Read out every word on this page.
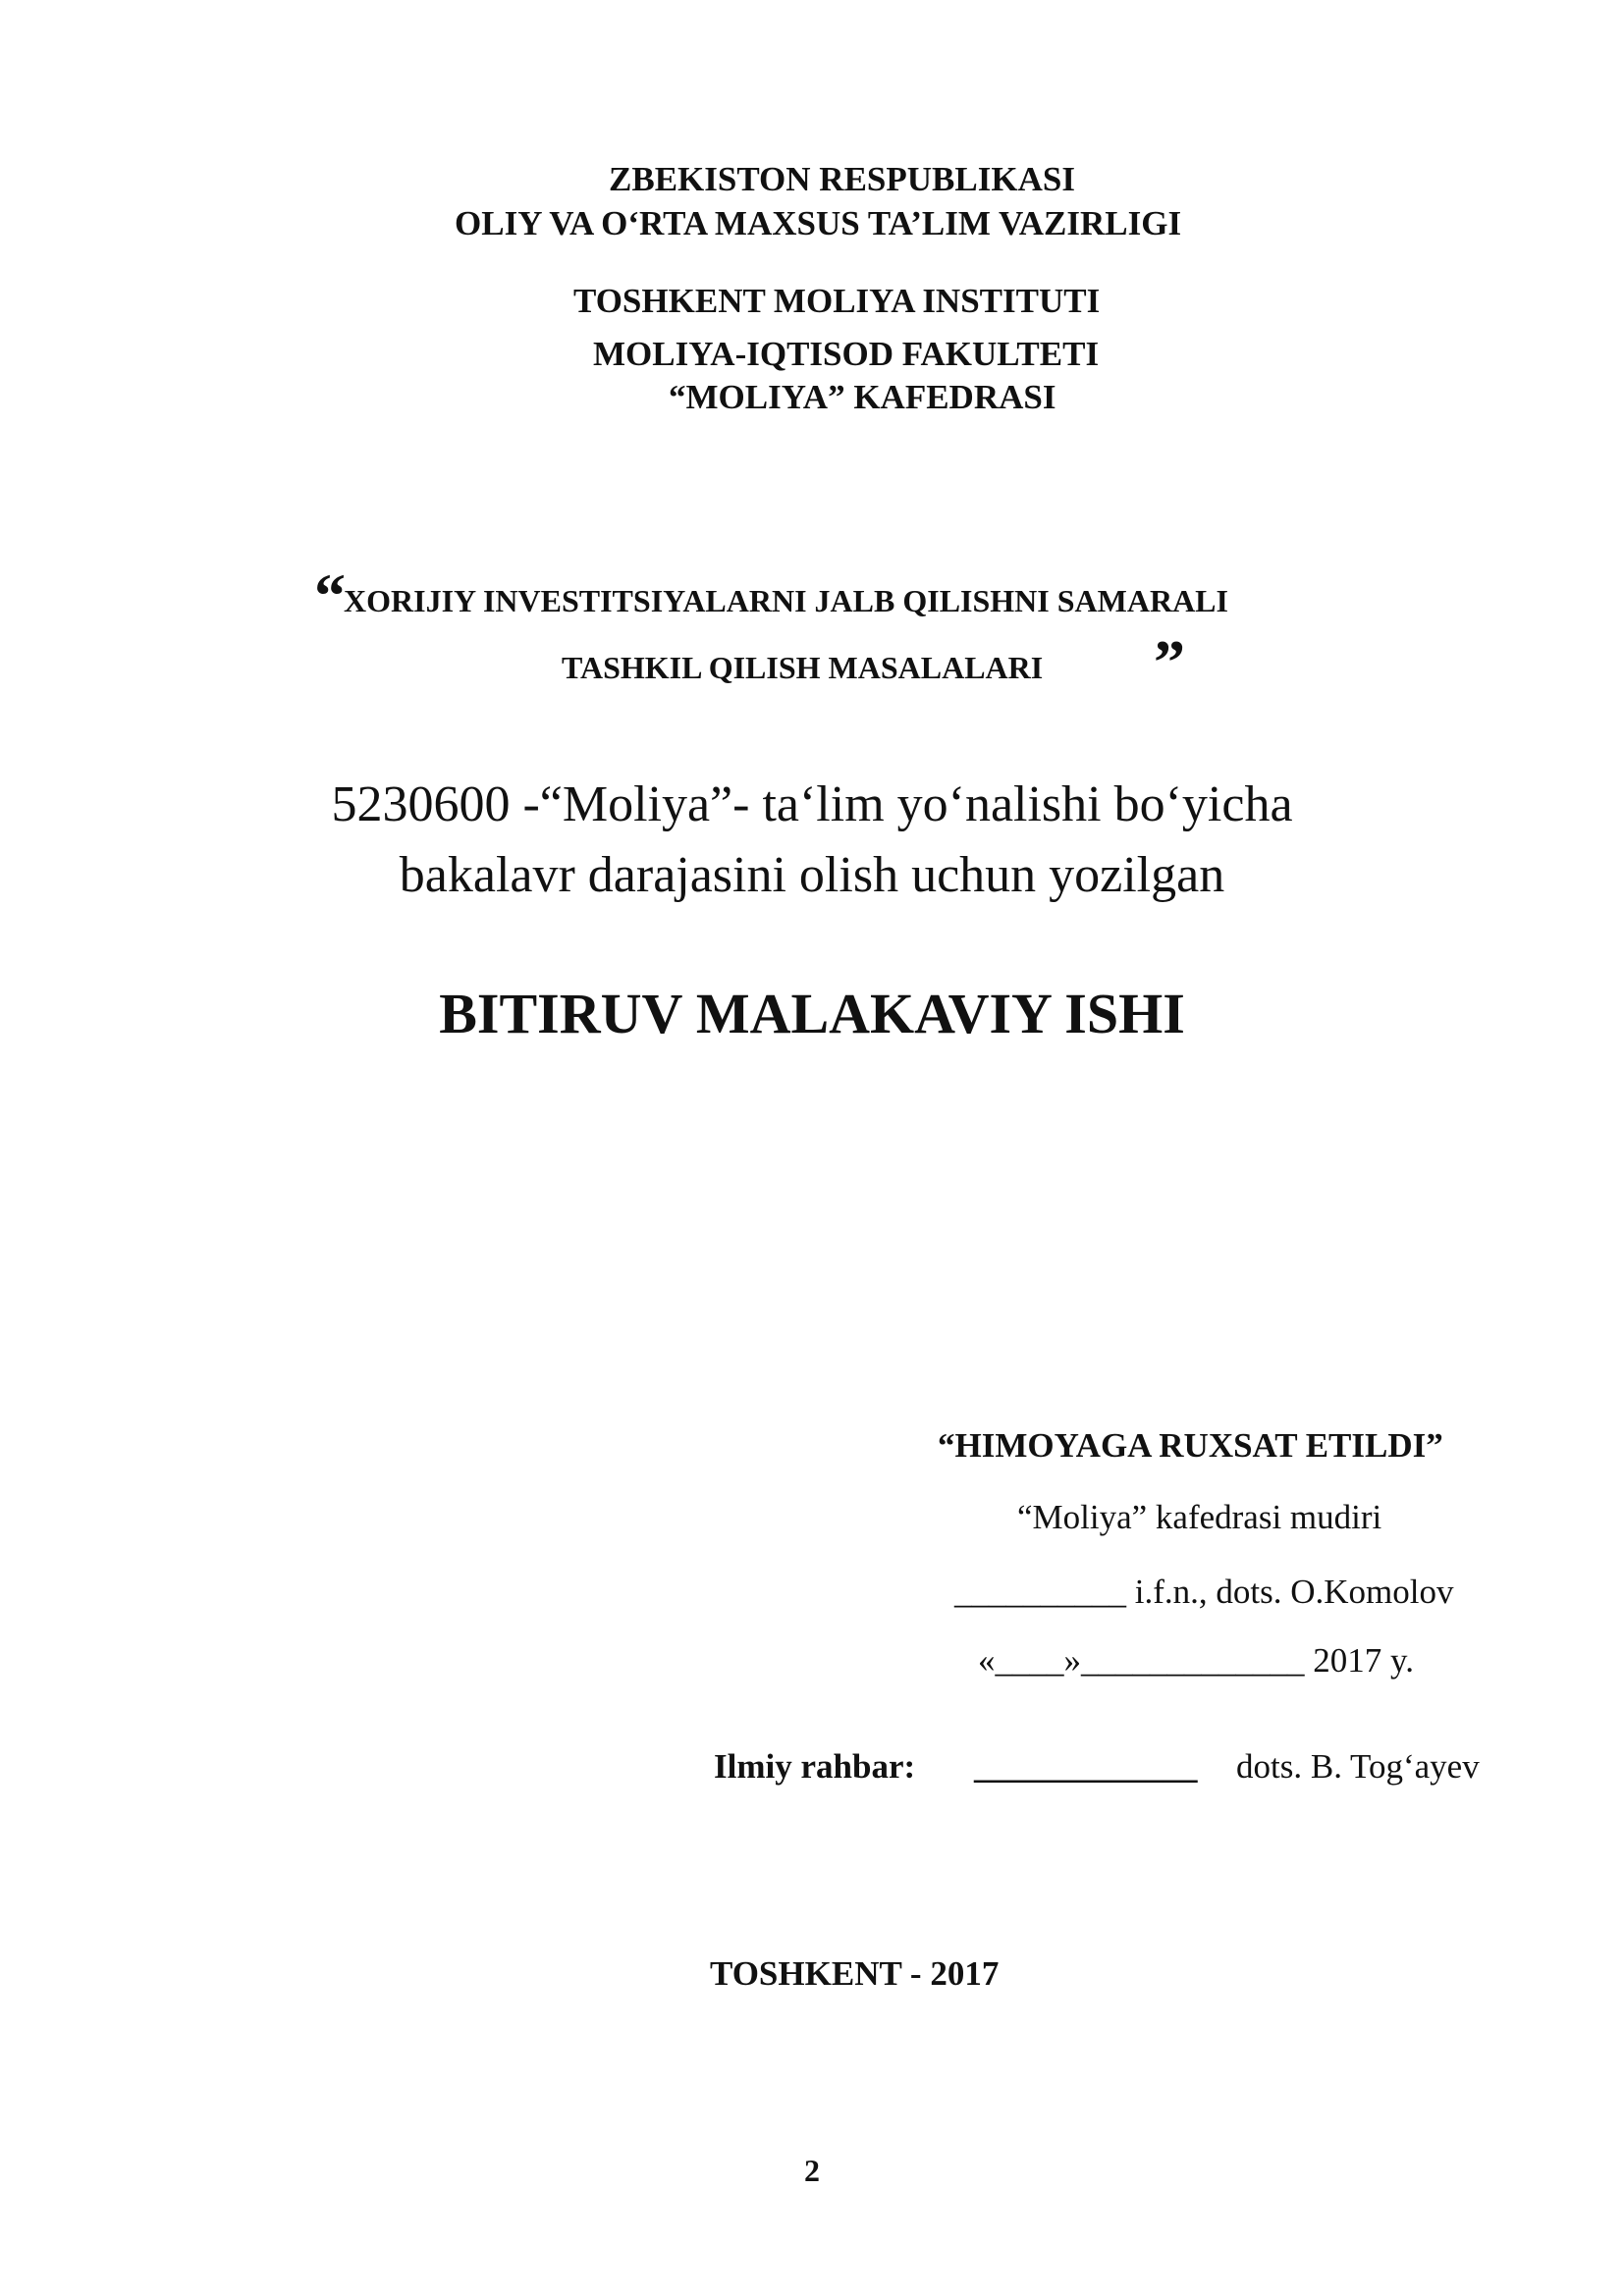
ZBEKISTON RESPUBLIKASI
OLIY VA O‘RTA MAXSUS TA’LIM VAZIRLIGI
TOSHKENT MOLIYA INSTITUTI
MOLIYA-IQTISOD FAKULTETI
“MOLIYA” KAFEDRASI
“
XORIJIY INVESTITSIYALARNI JALB QILISHNI SAMARALI
TASHKIL QILISH MASALALARI ”
5230600 -“Moliya”- ta‘lim yo‘nalishi bo‘yicha
bakalavr darajasini olish uchun yozilgan
BITIRUV MALAKAVIY ISHI
“HIMOYAGA RUXSAT ETILDI”
“Moliya” kafedrasi mudiri
__________ i.f.n., dots. O.Komolov
«____»_____________ 2017 y.
Ilmiy rahbar: _____________ dots. B. Tog‘ayev
TOSHKENT - 2017
2
